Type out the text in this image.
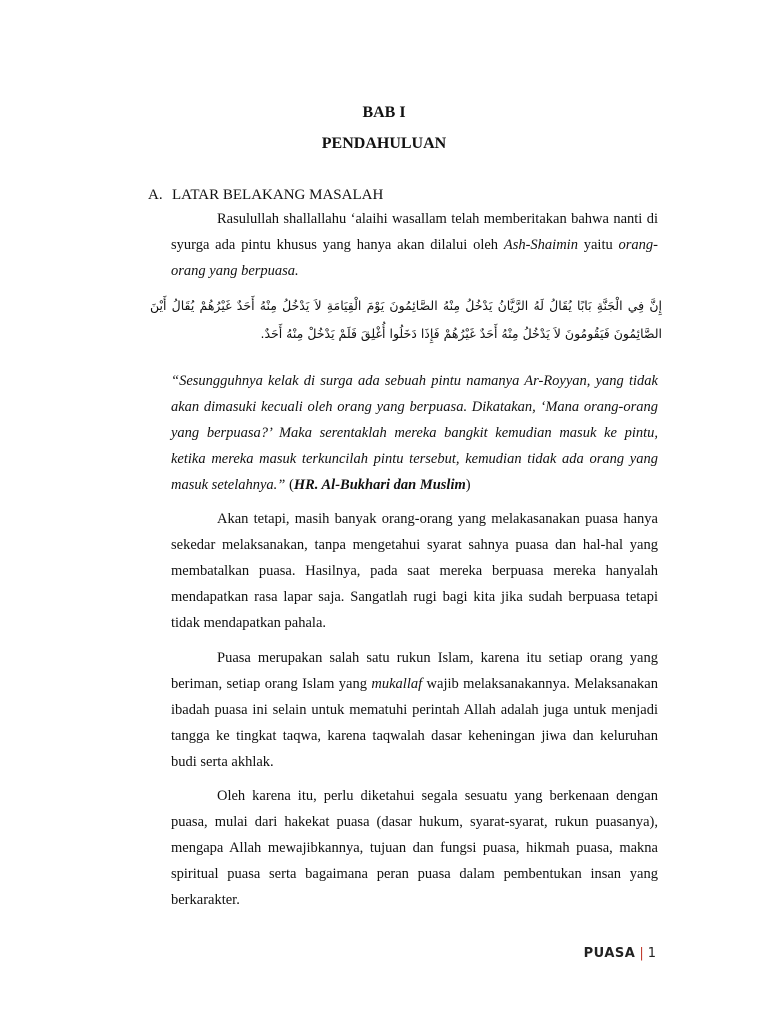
BAB I
PENDAHULUAN
A. LATAR BELAKANG MASALAH

Rasulullah shallallahu ‘alaihi wasallam telah memberitakan bahwa nanti di syurga ada pintu khusus yang hanya akan dilalui oleh Ash-Shaimin yaitu orang-orang yang berpuasa.

إِنَّ فِي الْجَنَّةِ بَابًا يُقَالُ لَهُ الرَّيَّانُ يَدْخُلُ مِنْهُ الصَّائِمُونَ يَوْمَ الْقِيَامَةِ لاَ يَدْخُلُ مِنْهُ أَحَدٌ غَيْرُهُمْ يُقَالُ أَيْنَ الصَّائِمُونَ فَيَقُومُونَ لاَ يَدْخُلُ مِنْهُ أَحَدٌ غَيْرُهُمْ فَإِذَا دَخَلُوا أُغْلِقَ فَلَمْ يَدْخُلْ مِنْهُ أَحَدٌ.

“Sesungguhnya kelak di surga ada sebuah pintu namanya Ar-Royyan, yang tidak akan dimasuki kecuali oleh orang yang berpuasa. Dikatakan, ‘Mana orang-orang yang berpuasa?’ Maka serentaklah mereka bangkit kemudian masuk ke pintu, ketika mereka masuk terkuncilah pintu tersebut, kemudian tidak ada orang yang masuk setelahnya.” (HR. Al-Bukhari dan Muslim)

Akan tetapi, masih banyak orang-orang yang melakasanakan puasa hanya sekedar melaksanakan, tanpa mengetahui syarat sahnya puasa dan hal-hal yang membatalkan puasa. Hasilnya, pada saat mereka berpuasa mereka hanyalah mendapatkan rasa lapar saja. Sangatlah rugi bagi kita jika sudah berpuasa tetapi tidak mendapatkan pahala.

Puasa merupakan salah satu rukun Islam, karena itu setiap orang yang beriman, setiap orang Islam yang mukallaf wajib melaksanakannya. Melaksanakan ibadah puasa ini selain untuk mematuhi perintah Allah adalah juga untuk menjadi tangga ke tingkat taqwa, karena taqwalah dasar keheningan jiwa dan keluruhan budi serta akhlak.

Oleh karena itu, perlu diketahui segala sesuatu yang berkenaan dengan puasa, mulai dari hakekat puasa (dasar hukum, syarat-syarat, rukun puasanya), mengapa Allah mewajibkannya, tujuan dan fungsi puasa, hikmah puasa, makna spiritual puasa serta bagaimana peran puasa dalam pembentukan insan yang berkarakter.

PUASA | 1
